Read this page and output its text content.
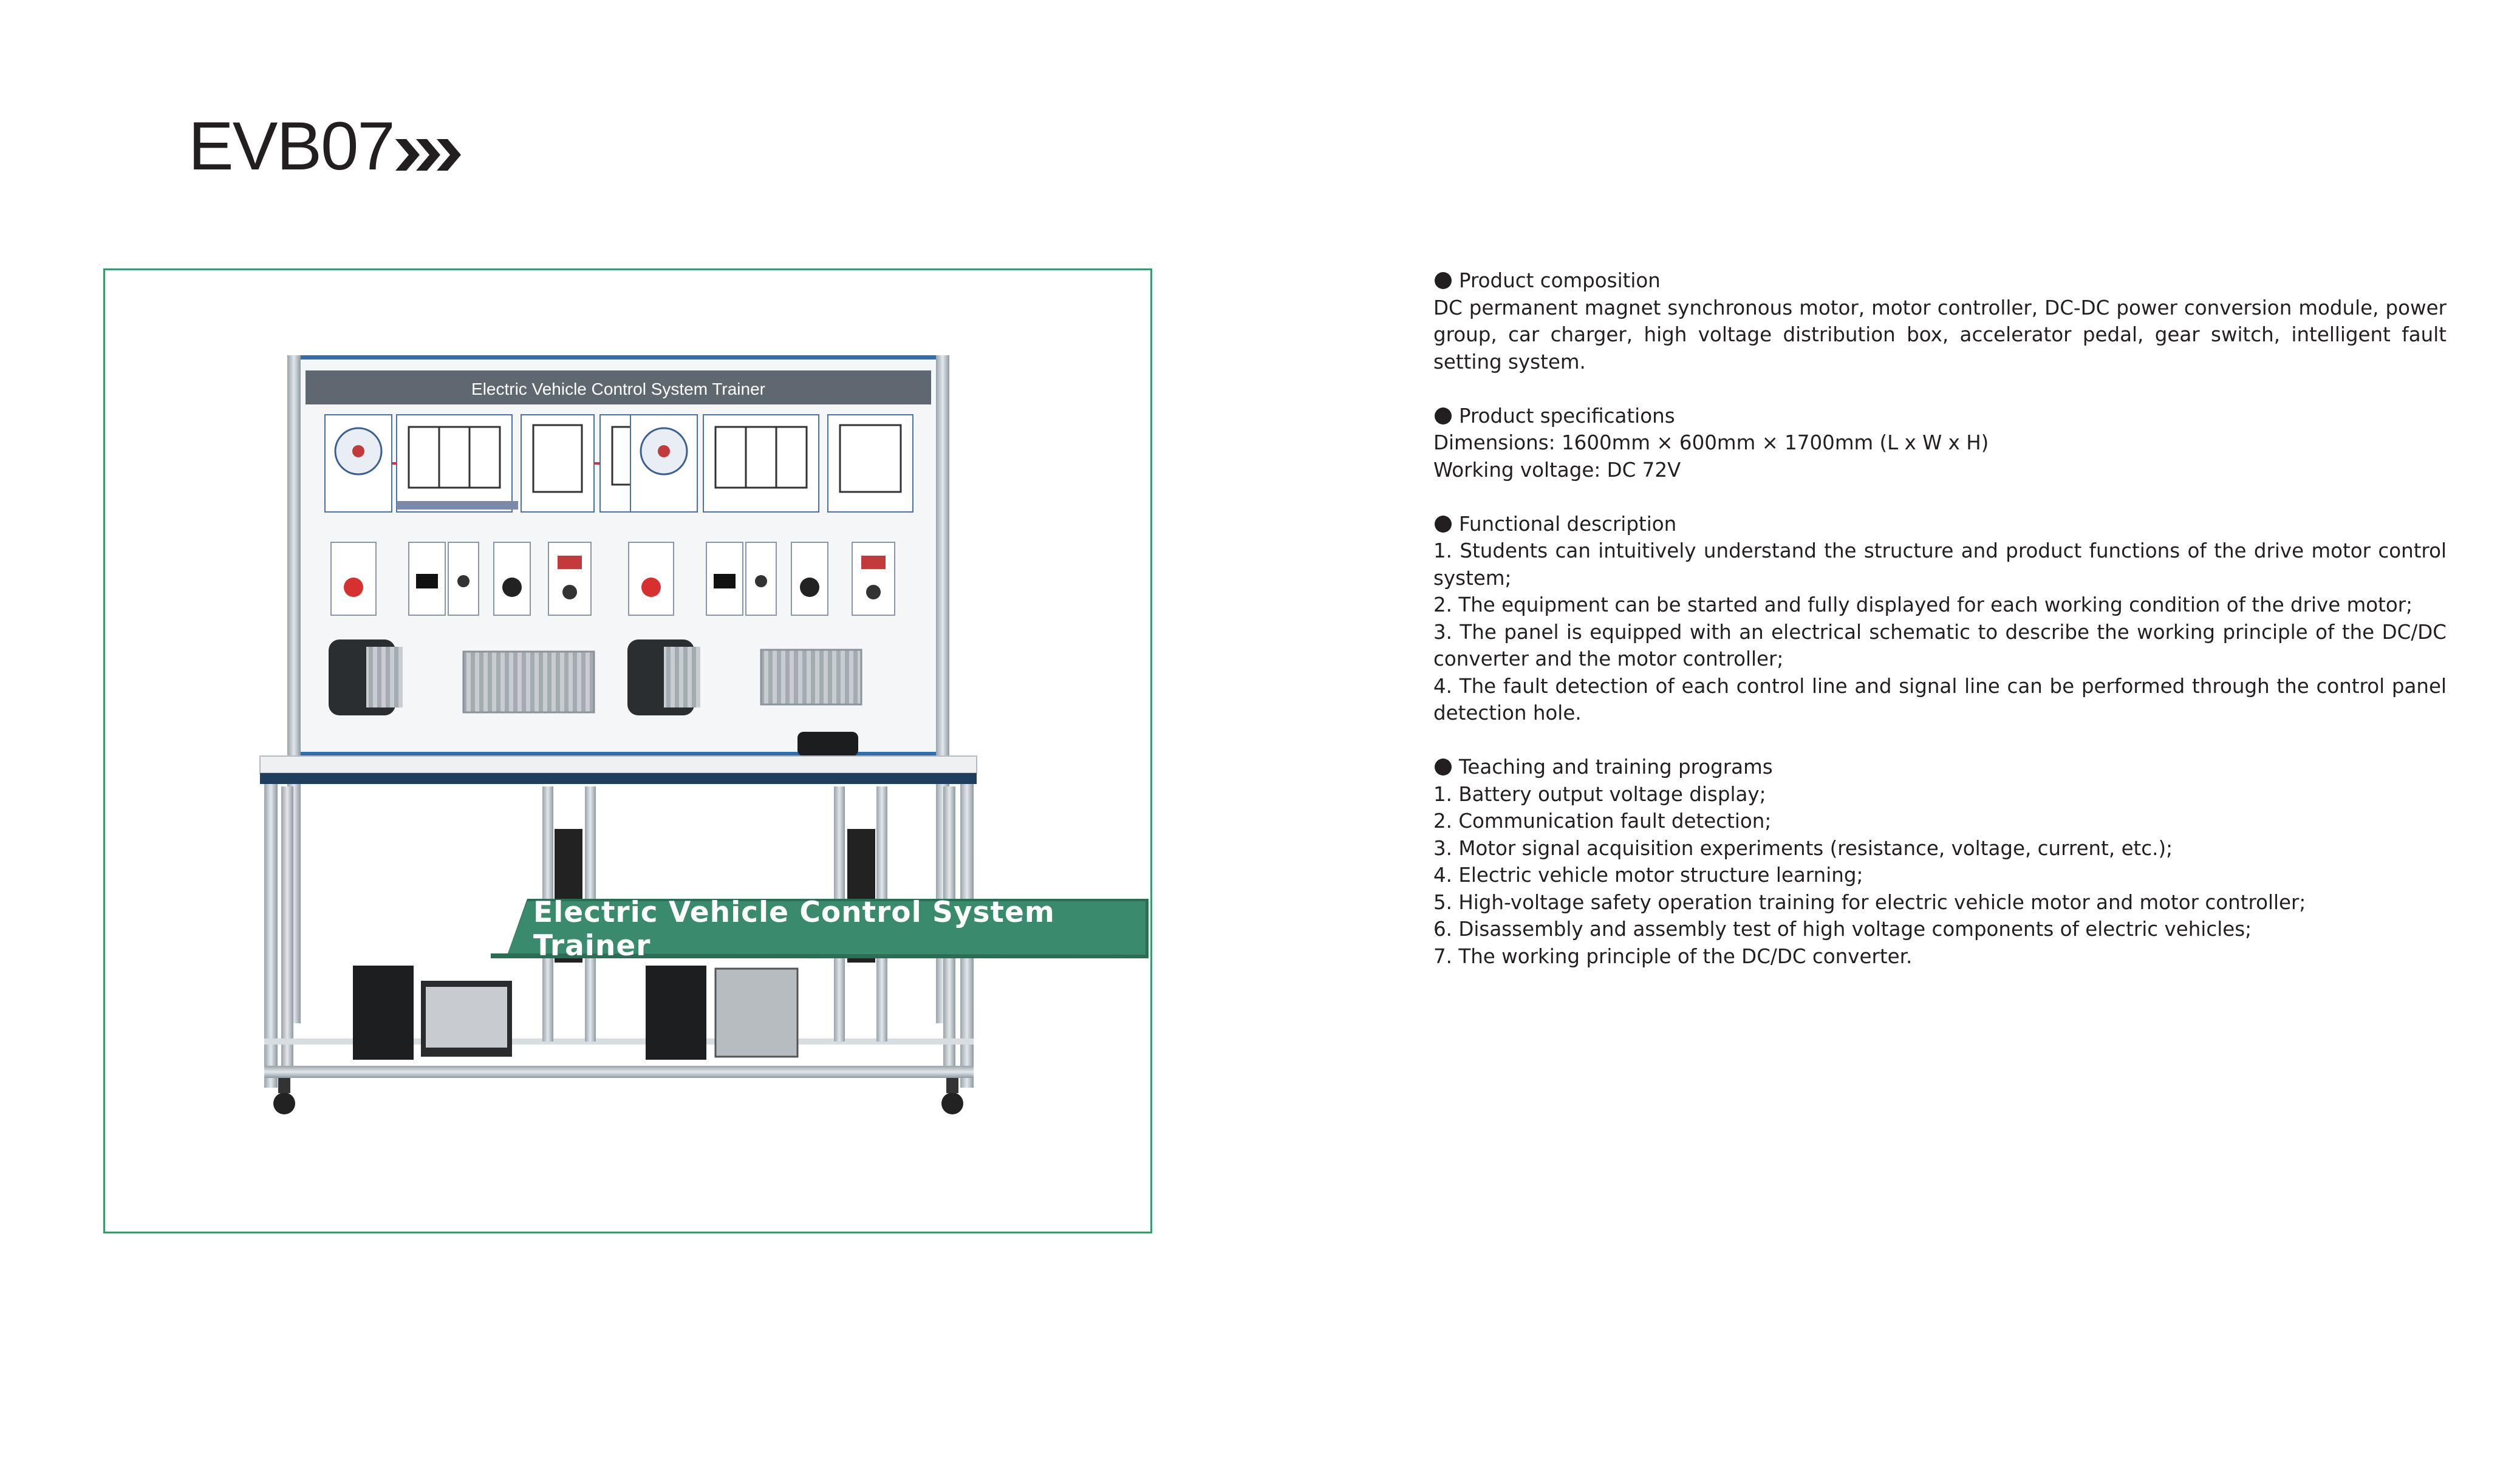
EVB07
Electric Vehicle Control System Trainer
Electric Vehicle Control System Trainer
Product composition
DC permanent magnet synchronous motor, motor controller, DC-DC power conversion module, power group, car charger, high voltage distribution box, accelerator pedal, gear switch, intelligent fault setting system.
Product specifications
Dimensions: 1600mm × 600mm × 1700mm (L x W x H)
Working voltage: DC 72V
Functional description
1. Students can intuitively understand the structure and product functions of the drive motor control system;
2. The equipment can be started and fully displayed for each working condition of the drive motor;
3. The panel is equipped with an electrical schematic to describe the working principle of the DC/DC converter and the motor controller;
4. The fault detection of each control line and signal line can be performed through the control panel detection hole.
Teaching and training programs
1. Battery output voltage display;
2. Communication fault detection;
3. Motor signal acquisition experiments (resistance, voltage, current, etc.);
4. Electric vehicle motor structure learning;
5. High-voltage safety operation training for electric vehicle motor and motor controller;
6. Disassembly and assembly test of high voltage components of electric vehicles;
7. The working principle of the DC/DC converter.
